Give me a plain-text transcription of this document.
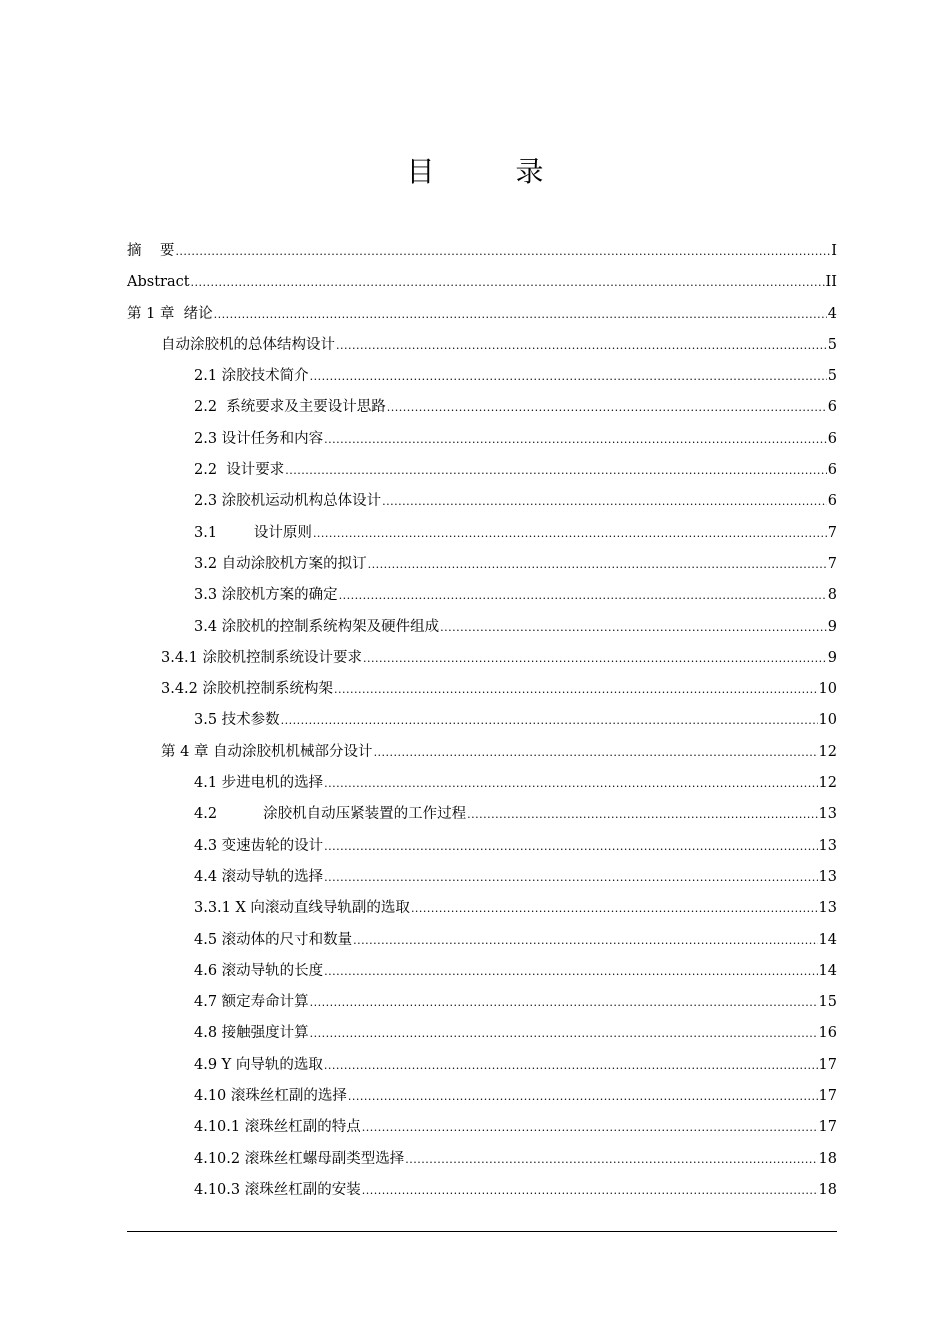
目 录
摘    要 .....	I
Abstract .....	II
第 1 章  绪论 .....	4
自动涂胶机的总体结构设计 .....	5
2.1 涂胶技术简介 .....	5
2.2  系统要求及主要设计思路 .....	6
2.3 设计任务和内容 .....	6
2.2  设计要求 .....	6
2.3 涂胶机运动机构总体设计 .....	6
3.1        设计原则 .....	7
3.2 自动涂胶机方案的拟订 .....	7
3.3 涂胶机方案的确定 .....	8
3.4 涂胶机的控制系统构架及硬件组成 .....	9
3.4.1 涂胶机控制系统设计要求 .....	9
3.4.2 涂胶机控制系统构架 .....	10
3.5 技术参数 .....	10
第 4 章 自动涂胶机机械部分设计 .....	12
4.1 步进电机的选择 .....	12
4.2          涂胶机自动压紧装置的工作过程 .....	13
4.3 变速齿轮的设计 .....	13
4.4 滚动导轨的选择 .....	13
3.3.1 X 向滚动直线导轨副的选取 .....	13
4.5 滚动体的尺寸和数量 .....	14
4.6 滚动导轨的长度 .....	14
4.7 额定寿命计算 .....	15
4.8 接触强度计算 .....	16
4.9 Y 向导轨的选取 .....	17
4.10 滚珠丝杠副的选择 .....	17
4.10.1 滚珠丝杠副的特点 .....	17
4.10.2 滚珠丝杠螺母副类型选择 .....	18
4.10.3 滚珠丝杠副的安装 .....	18
